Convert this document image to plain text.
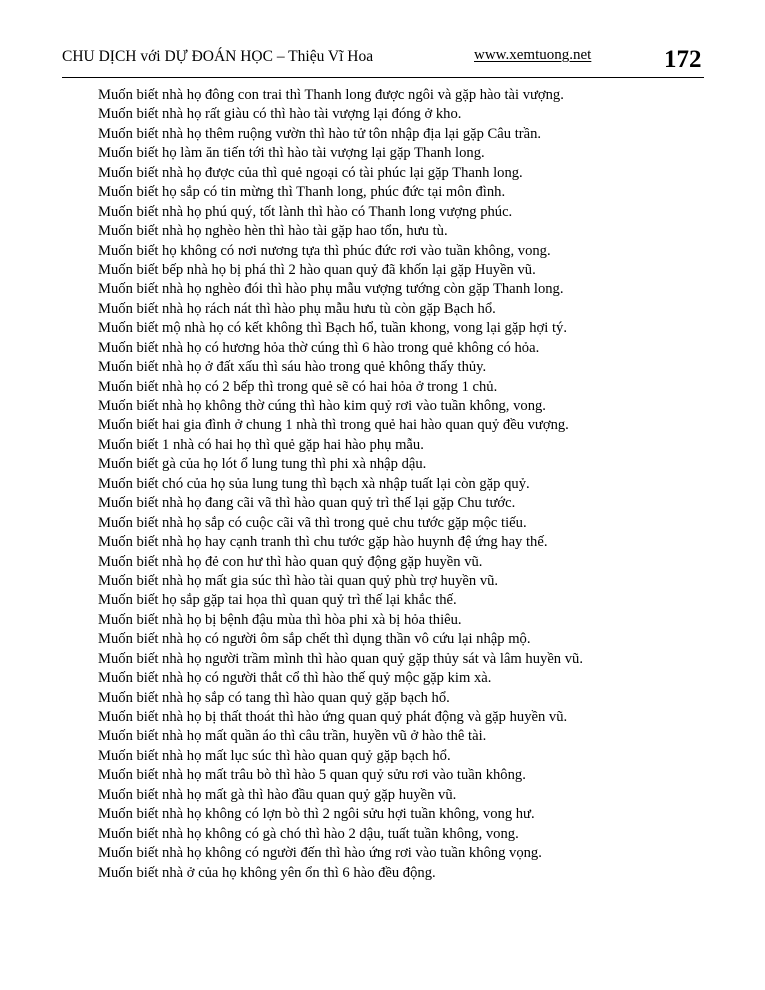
CHU DỊCH với DỰ ĐOÁN HỌC – Thiệu Vĩ Hoa	www.xemtuong.net	172
Muốn biết nhà họ đông con trai thì Thanh long được ngôi và gặp hào tài vượng.
Muốn biết nhà họ rất giàu có thì hào tài vượng lại đóng ở kho.
Muốn biết nhà họ thêm ruộng vườn thì hào tử tôn nhập địa lại gặp Câu trần.
Muốn biết họ làm ăn tiến tới thì hào tài vượng lại gặp Thanh long.
Muốn biết nhà họ được của thì quẻ ngoại có tài phúc lại gặp Thanh long.
Muốn biết họ sắp có tin mừng thì Thanh long, phúc đức tại môn đình.
Muốn biết nhà họ phú quý, tốt lành thì hào có Thanh long vượng phúc.
Muốn biết nhà họ nghèo hèn thì hào tài gặp hao tổn, hưu tù.
Muốn biết họ không có nơi nương tựa thì phúc đức rơi vào tuần không, vong.
Muốn biết bếp nhà họ bị phá thì 2 hào quan quỷ đã khốn lại gặp Huyền vũ.
Muốn biết nhà họ nghèo đói thì hào phụ mẫu vượng tướng còn gặp Thanh long.
Muốn biết nhà họ rách nát thì hào phụ mẫu hưu tù còn gặp Bạch hổ.
Muốn biết mộ nhà họ có kết không thì Bạch hổ, tuần khong, vong lại gặp hợi tý.
Muốn biết nhà họ có hương hỏa thờ cúng thì 6 hào trong quẻ không có hỏa.
Muốn biết nhà họ ở đất xấu thì sáu hào trong quẻ không thấy thủy.
Muốn biết nhà họ có 2 bếp thì trong quẻ sẽ có hai hỏa ở trong 1 chủ.
Muốn biết nhà họ không thờ cúng thì hào kim quỷ rơi vào tuần không, vong.
Muốn biết hai gia đình ở chung 1 nhà thì trong quẻ hai hào quan quỷ đều vượng.
Muốn biết 1 nhà có hai họ thì quẻ gặp hai hào phụ mẫu.
Muốn biết gà của họ lót ổ lung tung thì phi xà nhập dậu.
Muốn biết chó của họ sủa lung tung thì bạch xà nhập tuất lại còn gặp quỷ.
Muốn biết nhà họ đang cãi vã thì hào quan quỷ trì thế lại gặp Chu tước.
Muốn biết nhà họ sắp có cuộc cãi vã thì trong quẻ chu tước gặp mộc tiếu.
Muốn biết nhà họ hay cạnh tranh thì chu tước gặp hào huynh đệ ứng hay thế.
Muốn biết nhà họ đẻ con hư thì hào quan quỷ động gặp huyền vũ.
Muốn biết nhà họ mất gia súc thì hào tài quan quỷ phù trợ huyền vũ.
Muốn biết họ sắp gặp tai họa thì quan quỷ trì thế lại khắc thế.
Muốn biết nhà họ bị bệnh đậu mùa thì hòa phi xà bị hỏa thiêu.
Muốn biết nhà họ có người ôm sắp chết thì dụng thần vô cứu lại nhập mộ.
Muốn biết nhà họ người trầm mình thì hào quan quỷ gặp thủy sát và lâm huyền vũ.
Muốn biết nhà họ có người thắt cổ thì hào thế quỷ mộc gặp kim xà.
Muốn biết nhà họ sắp có tang thì hào quan quỷ gặp bạch hổ.
Muốn biết nhà họ bị thất thoát thì hào ứng quan quỷ phát động và gặp huyền vũ.
Muốn biết nhà họ mất quần áo thì câu trần, huyền vũ ở hào thê tài.
Muốn biết nhà họ mất lục súc thì hào quan quỷ gặp bạch hổ.
Muốn biết nhà họ mất trâu bò thì hào 5 quan quỷ sửu rơi vào tuần không.
Muốn biết nhà họ mất gà thì hào đầu quan quỷ gặp huyền vũ.
Muốn biết nhà họ không có lợn bò thì 2 ngôi sửu hợi tuần không, vong hư.
Muốn biết nhà họ không có gà chó thì hào 2 dậu, tuất tuần không, vong.
Muốn biết nhà họ không có người đến thì hào ứng rơi vào tuần không vọng.
Muốn biết nhà ở của họ không yên ổn thì 6 hào đều động.
